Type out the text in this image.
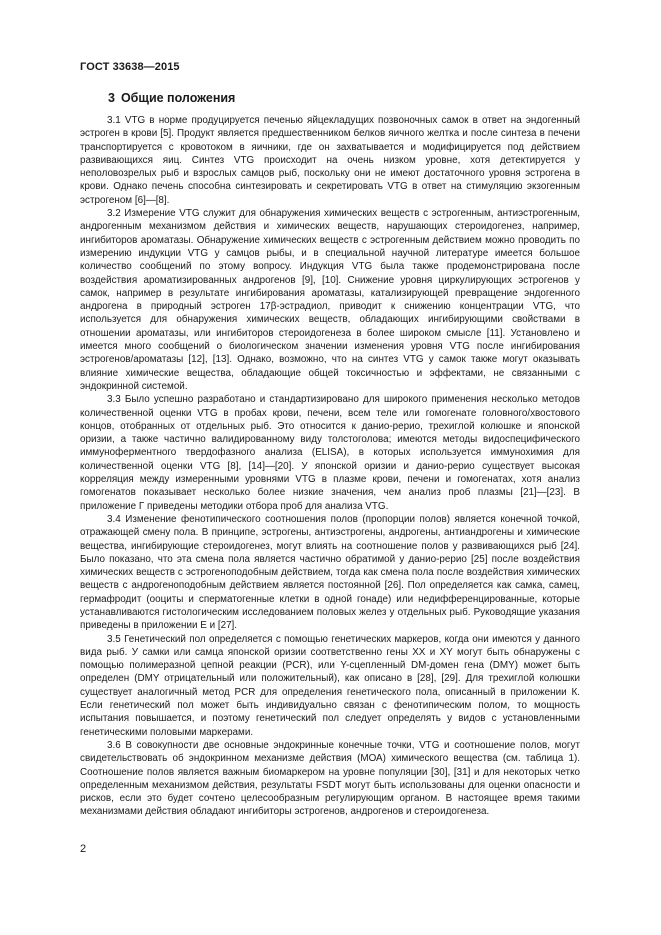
ГОСТ 33638—2015
3 Общие положения

3.1 VTG в норме продуцируется печенью яйцекладущих позвоночных самок в ответ на эндогенный эстроген в крови [5]. Продукт является предшественником белков яичного желтка и после синтеза в печени транспортируется с кровотоком в яичники, где он захватывается и модифицируется под действием развивающихся яиц. Синтез VTG происходит на очень низком уровне, хотя детектируется у неполовозрелых рыб и взрослых самцов рыб, поскольку они не имеют достаточного уровня эстрогена в крови. Однако печень способна синтезировать и секретировать VTG в ответ на стимуляцию экзогенным эстрогеном [6]—[8].

3.2 Измерение VTG служит для обнаружения химических веществ с эстрогенным, антиэстрогенным, андрогенным механизмом действия и химических веществ, нарушающих стероидогенез, например, ингибиторов ароматазы. Обнаружение химических веществ с эстрогенным действием можно проводить по измерению индукции VTG у самцов рыбы, и в специальной научной литературе имеется большое количество сообщений по этому вопросу. Индукция VTG была также продемонстрирована после воздействия ароматизированных андрогенов [9], [10]. Снижение уровня циркулирующих эстрогенов у самок, например в результате ингибирования ароматазы, катализирующей превращение эндогенного андрогена в природный эстроген 17β-эстрадиол, приводит к снижению концентрации VTG, что используется для обнаружения химических веществ, обладающих ингибирующими свойствами в отношении ароматазы, или ингибиторов стероидогенеза в более широком смысле [11]. Установлено и имеется много сообщений о биологическом значении изменения уровня VTG после ингибирования эстрогенов/ароматазы [12], [13]. Однако, возможно, что на синтез VTG у самок также могут оказывать влияние химические вещества, обладающие общей токсичностью и эффектами, не связанными с эндокринной системой.

3.3 Было успешно разработано и стандартизировано для широкого применения несколько методов количественной оценки VTG в пробах крови, печени, всем теле или гомогенате головного/хвостового концов, отобранных от отдельных рыб. Это относится к данио-рерио, трехиглой колюшке и японской оризии, а также частично валидированному виду толстоголова; имеются методы видоспецифического иммуноферментного твердофазного анализа (ELISA), в которых используется иммунохимия для количественной оценки VTG [8], [14]—[20]. У японской оризии и данио-рерио существует высокая корреляция между измеренными уровнями VTG в плазме крови, печени и гомогенатах, хотя анализ гомогенатов показывает несколько более низкие значения, чем анализ проб плазмы [21]—[23]. В приложение Г приведены методики отбора проб для анализа VTG.

3.4 Изменение фенотипического соотношения полов (пропорции полов) является конечной точкой, отражающей смену пола. В принципе, эстрогены, антиэстрогены, андрогены, антиандрогены и химические вещества, ингибирующие стероидогенез, могут влиять на соотношение полов у развивающихся рыб [24]. Было показано, что эта смена пола является частично обратимой у данио-рерио [25] после воздействия химических веществ с эстрогеноподобным действием, тогда как смена пола после воздействия химических веществ с андрогеноподобным действием является постоянной [26]. Пол определяется как самка, самец, гермафродит (ооциты и сперматогенные клетки в одной гонаде) или недифференцированные, которые устанавливаются гистологическим исследованием половых желез у отдельных рыб. Руководящие указания приведены в приложении Е и [27].

3.5 Генетический пол определяется с помощью генетических маркеров, когда они имеются у данного вида рыб. У самки или самца японской оризии соответственно гены ХХ и ХY могут быть обнаружены с помощью полимеразной цепной реакции (PCR), или Y-сцепленный DM-домен гена (DMY) может быть определен (DMY отрицательный или положительный), как описано в [28], [29]. Для трехиглой колюшки существует аналогичный метод PCR для определения генетического пола, описанный в приложении К. Если генетический пол может быть индивидуально связан с фенотипическим полом, то мощность испытания повышается, и поэтому генетический пол следует определять у видов с установленными генетическими половыми маркерами.

3.6 В совокупности две основные эндокринные конечные точки, VTG и соотношение полов, могут свидетельствовать об эндокринном механизме действия (МОА) химического вещества (см. таблица 1). Соотношение полов является важным биомаркером на уровне популяции [30], [31] и для некоторых четко определенным механизмом действия, результаты FSDT могут быть использованы для оценки опасности и рисков, если это будет сочтено целесообразным регулирующим органом. В настоящее время такими механизмами действия обладают ингибиторы эстрогенов, андрогенов и стероидогенеза.

2
